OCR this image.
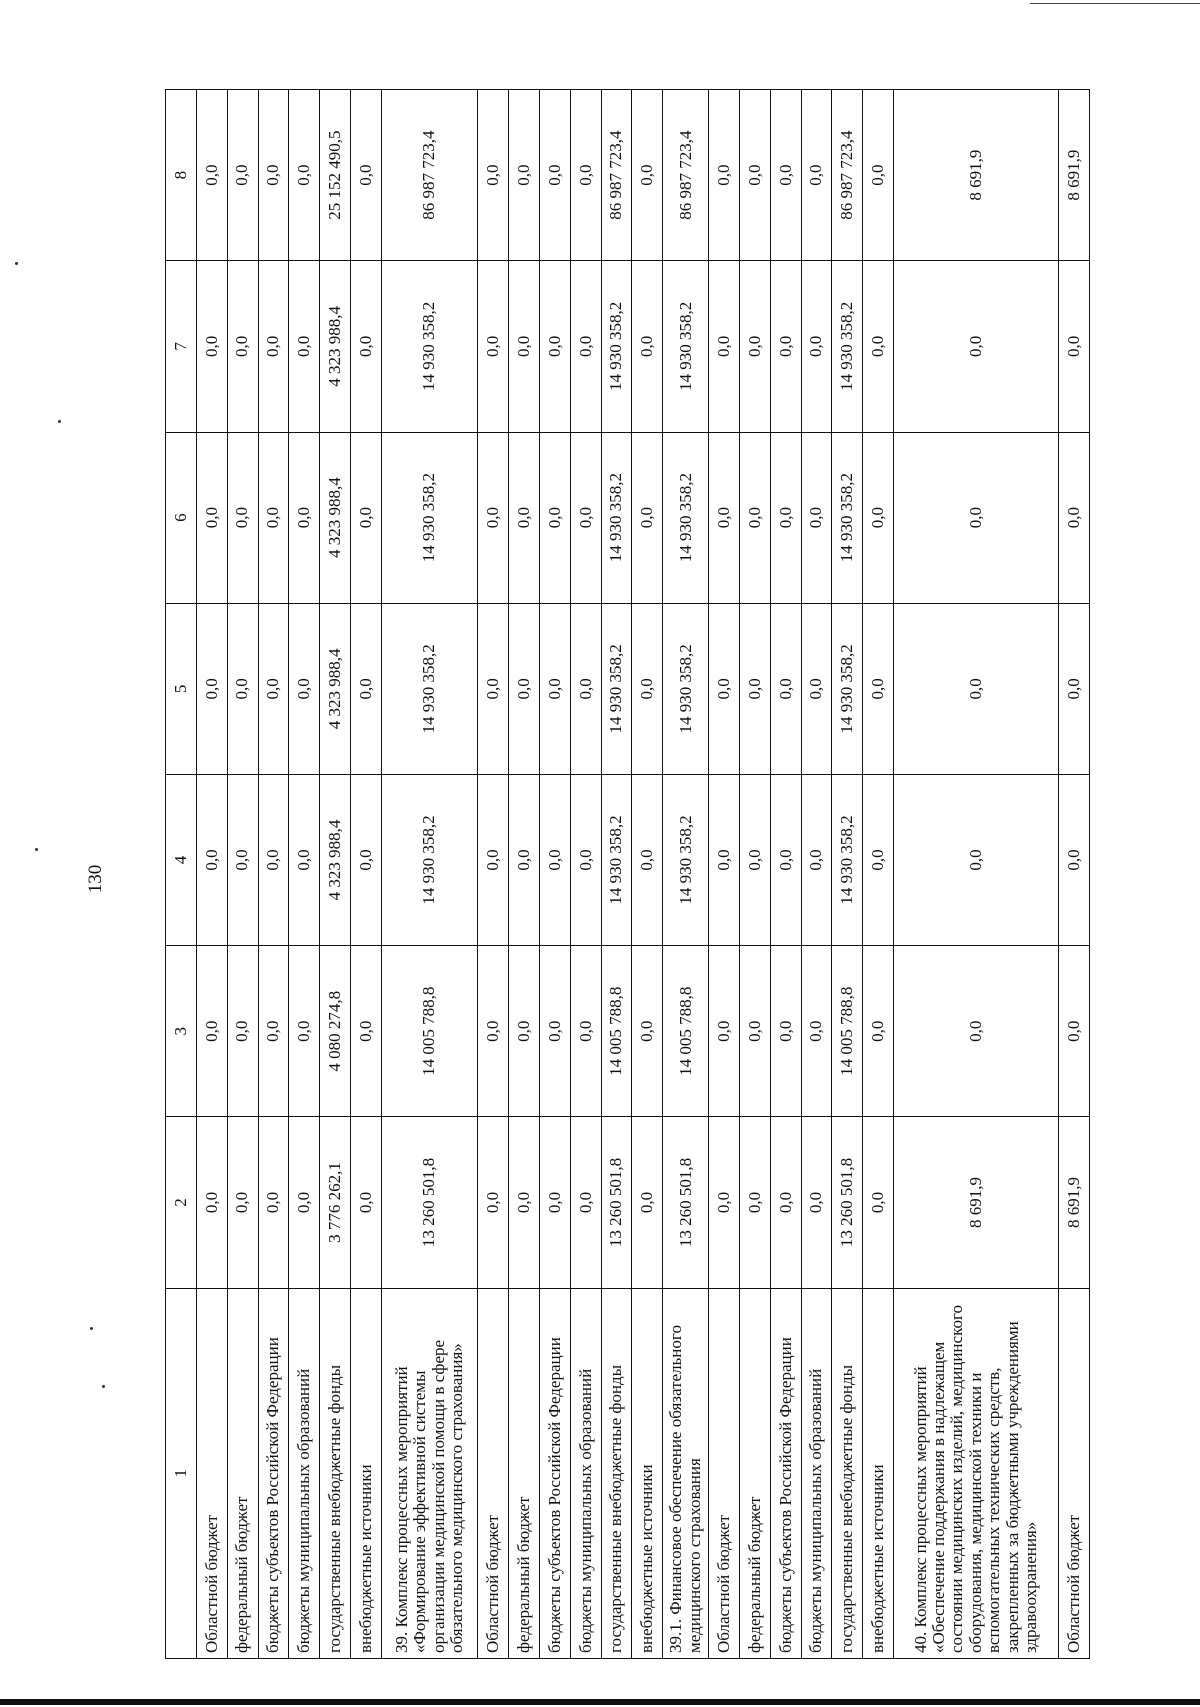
130
1	2	3	4	5	6	7	8
Областной бюджет	0,0	0,0	0,0	0,0	0,0	0,0	0,0
федеральный бюджет	0,0	0,0	0,0	0,0	0,0	0,0	0,0
бюджеты субъектов Российской Федерации	0,0	0,0	0,0	0,0	0,0	0,0	0,0
бюджеты муниципальных образований	0,0	0,0	0,0	0,0	0,0	0,0	0,0
государственные внебюджетные фонды	3 776 262,1	4 080 274,8	4 323 988,4	4 323 988,4	4 323 988,4	4 323 988,4	25 152 490,5
внебюджетные источники	0,0	0,0	0,0	0,0	0,0	0,0	0,0
39. Комплекс процессных мероприятий «Формирование эффективной системы организации медицинской помощи в сфере обязательного медицинского страхования»	13 260 501,8	14 005 788,8	14 930 358,2	14 930 358,2	14 930 358,2	14 930 358,2	86 987 723,4
Областной бюджет	0,0	0,0	0,0	0,0	0,0	0,0	0,0
федеральный бюджет	0,0	0,0	0,0	0,0	0,0	0,0	0,0
бюджеты субъектов Российской Федерации	0,0	0,0	0,0	0,0	0,0	0,0	0,0
бюджеты муниципальных образований	0,0	0,0	0,0	0,0	0,0	0,0	0,0
государственные внебюджетные фонды	13 260 501,8	14 005 788,8	14 930 358,2	14 930 358,2	14 930 358,2	14 930 358,2	86 987 723,4
внебюджетные источники	0,0	0,0	0,0	0,0	0,0	0,0	0,0
39.1. Финансовое обеспечение обязательного медицинского страхования	13 260 501,8	14 005 788,8	14 930 358,2	14 930 358,2	14 930 358,2	14 930 358,2	86 987 723,4
Областной бюджет	0,0	0,0	0,0	0,0	0,0	0,0	0,0
федеральный бюджет	0,0	0,0	0,0	0,0	0,0	0,0	0,0
бюджеты субъектов Российской Федерации	0,0	0,0	0,0	0,0	0,0	0,0	0,0
бюджеты муниципальных образований	0,0	0,0	0,0	0,0	0,0	0,0	0,0
государственные внебюджетные фонды	13 260 501,8	14 005 788,8	14 930 358,2	14 930 358,2	14 930 358,2	14 930 358,2	86 987 723,4
внебюджетные источники	0,0	0,0	0,0	0,0	0,0	0,0	0,0
40. Комплекс процессных мероприятий «Обеспечение поддержания в надлежащем состоянии медицинских изделий, медицинского оборудования, медицинской техники и вспомогательных технических средств, закрепленных за бюджетными учреждениями здравоохранения»	8 691,9	0,0	0,0	0,0	0,0	0,0	8 691,9
Областной бюджет	8 691,9	0,0	0,0	0,0	0,0	0,0	8 691,9
